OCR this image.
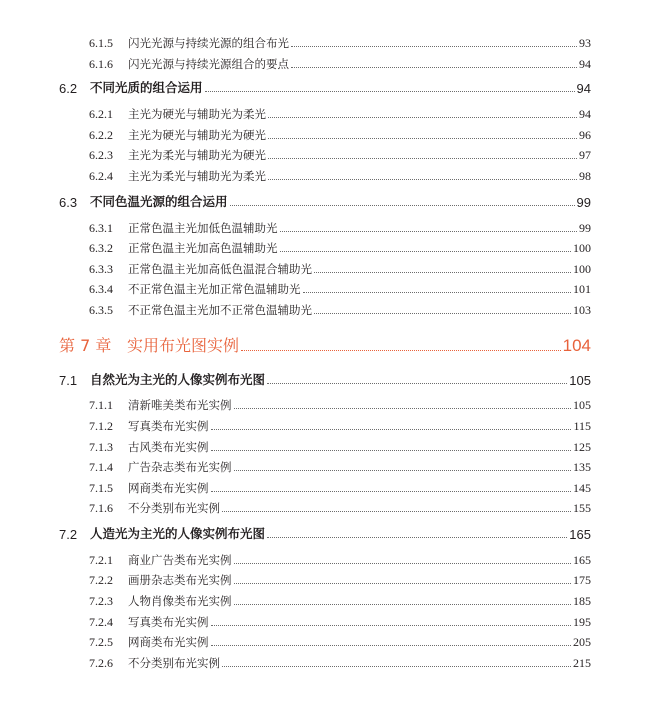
6.1.5	闪光光源与持续光源的组合布光	93
6.1.6	闪光光源与持续光源组合的要点	94
6.2	不同光质的组合运用	94
6.2.1	主光为硬光与辅助光为柔光	94
6.2.2	主光为硬光与辅助光为硬光	96
6.2.3	主光为柔光与辅助光为硬光	97
6.2.4	主光为柔光与辅助光为柔光	98
6.3	不同色温光源的组合运用	99
6.3.1	正常色温主光加低色温辅助光	99
6.3.2	正常色温主光加高色温辅助光	100
6.3.3	正常色温主光加高低色温混合辅助光	100
6.3.4	不正常色温主光加正常色温辅助光	101
6.3.5	不正常色温主光加不正常色温辅助光	103
第 7 章 实用布光图实例	104
7.1	自然光为主光的人像实例布光图	105
7.1.1	清新唯美类布光实例	105
7.1.2	写真类布光实例	115
7.1.3	古风类布光实例	125
7.1.4	广告杂志类布光实例	135
7.1.5	网商类布光实例	145
7.1.6	不分类别布光实例	155
7.2	人造光为主光的人像实例布光图	165
7.2.1	商业广告类布光实例	165
7.2.2	画册杂志类布光实例	175
7.2.3	人物肖像类布光实例	185
7.2.4	写真类布光实例	195
7.2.5	网商类布光实例	205
7.2.6	不分类别布光实例	215
